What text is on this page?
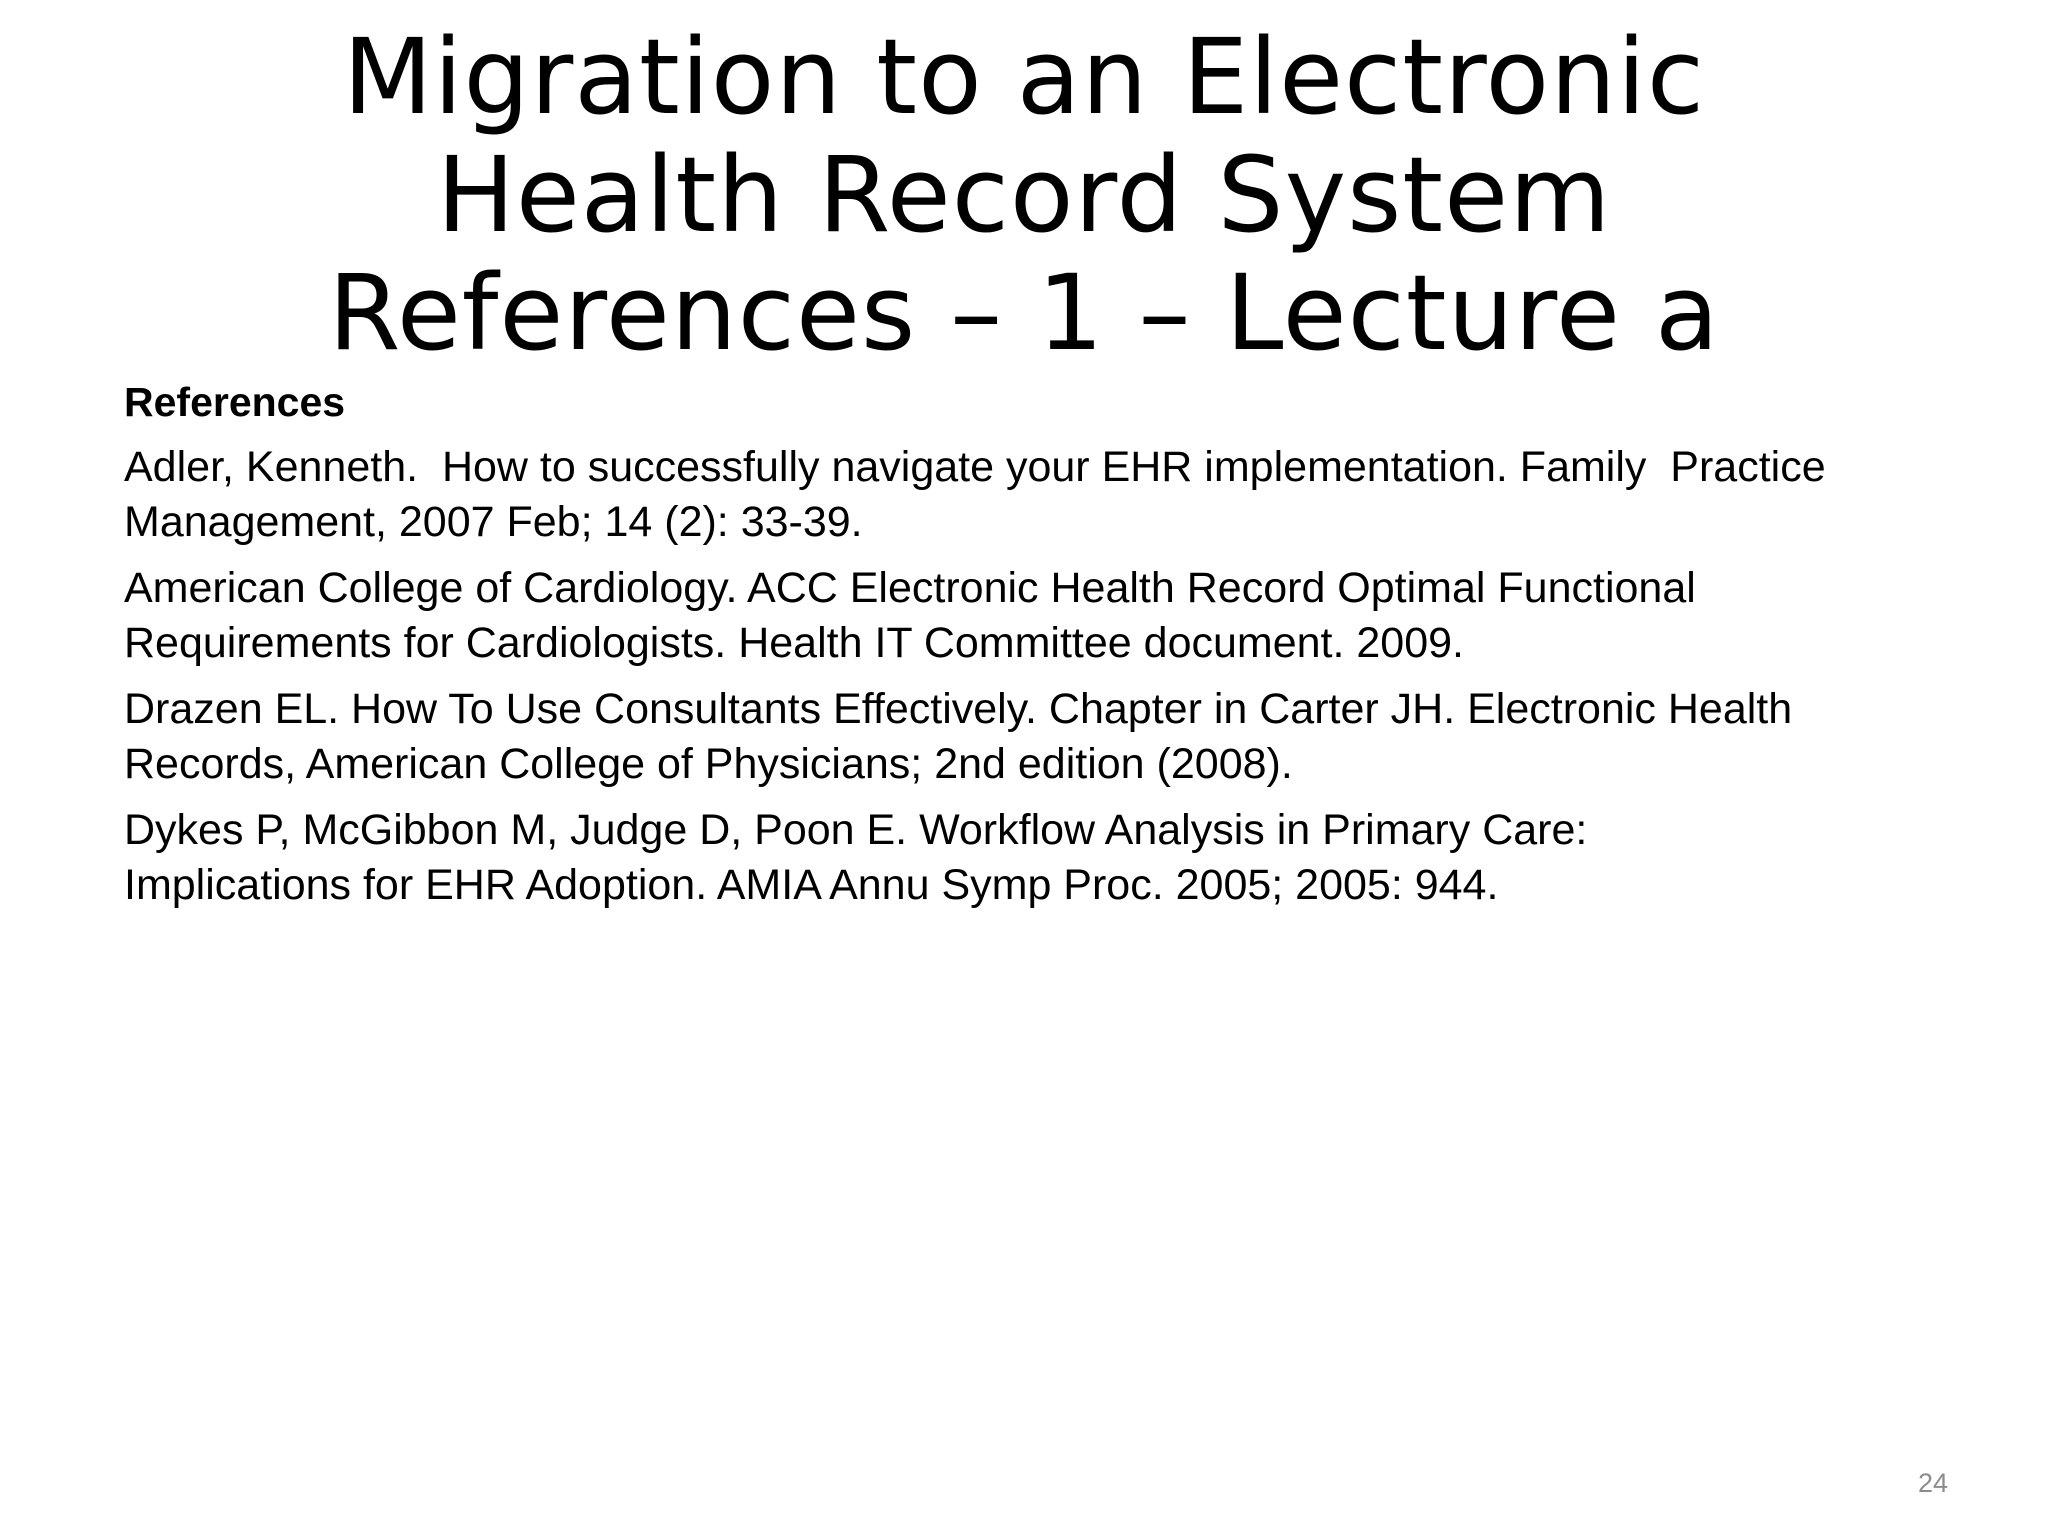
Migration to an Electronic
Health Record System
References – 1 – Lecture a
References
Adler, Kenneth.  How to successfully navigate your EHR implementation. Family  Practice
Management, 2007 Feb; 14 (2): 33-39.
American College of Cardiology. ACC Electronic Health Record Optimal Functional
Requirements for Cardiologists. Health IT Committee document. 2009.
Drazen EL. How To Use Consultants Effectively. Chapter in Carter JH. Electronic Health
Records, American College of Physicians; 2nd edition (2008).
Dykes P, McGibbon M, Judge D, Poon E. Workflow Analysis in Primary Care:
Implications for EHR Adoption. AMIA Annu Symp Proc. 2005; 2005: 944.
24
